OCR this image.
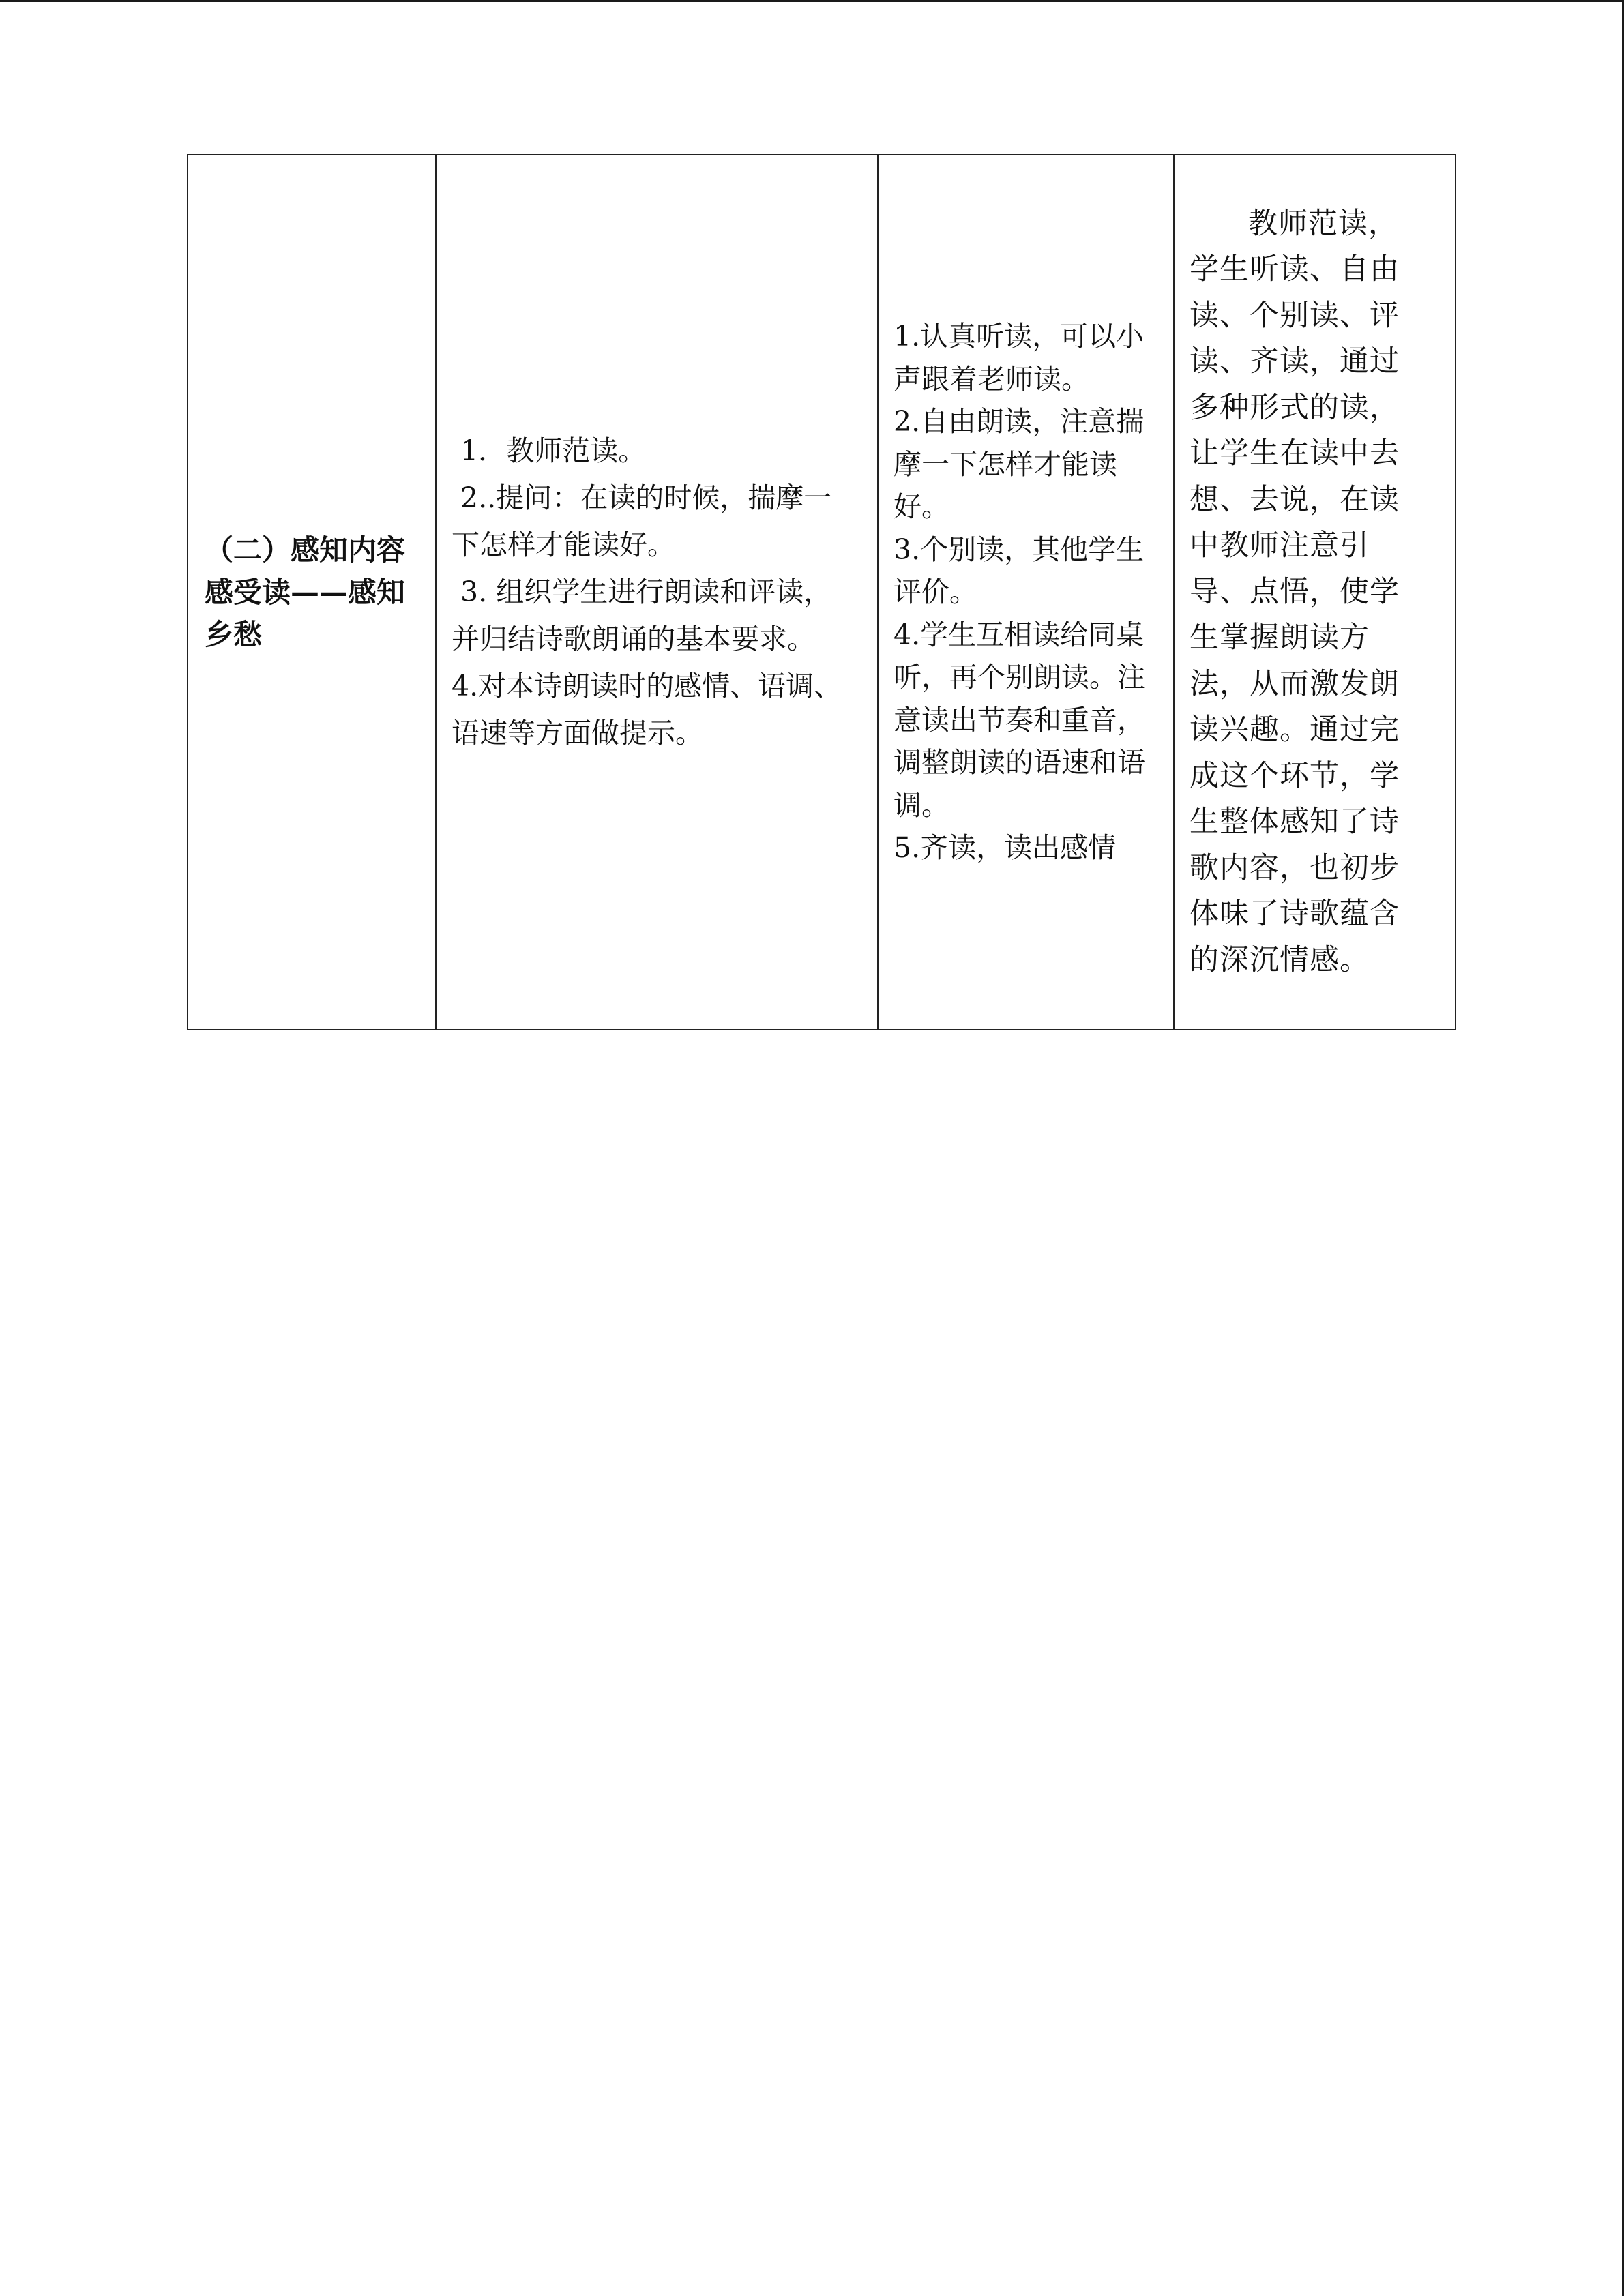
（二）感知内容感受读——感知乡愁

1．教师范读。
2..提问：在读的时候，揣摩一下怎样才能读好。
3. 组织学生进行朗读和评读，并归结诗歌朗诵的基本要求。
4.对本诗朗读时的感情、语调、语速等方面做提示。

1.认真听读，可以小声跟着老师读。
2.自由朗读，注意揣摩一下怎样才能读好。
3.个别读，其他学生评价。
4.学生互相读给同桌听，再个别朗读。注意读出节奏和重音，调整朗读的语速和语调。
5.齐读，读出感情

教师范读，学生听读、自由读、个别读、评读、齐读，通过多种形式的读，让学生在读中去想、去说，在读中教师注意引导、点悟，使学生掌握朗读方法，从而激发朗读兴趣。通过完成这个环节，学生整体感知了诗歌内容，也初步体味了诗歌蕴含的深沉情感。
